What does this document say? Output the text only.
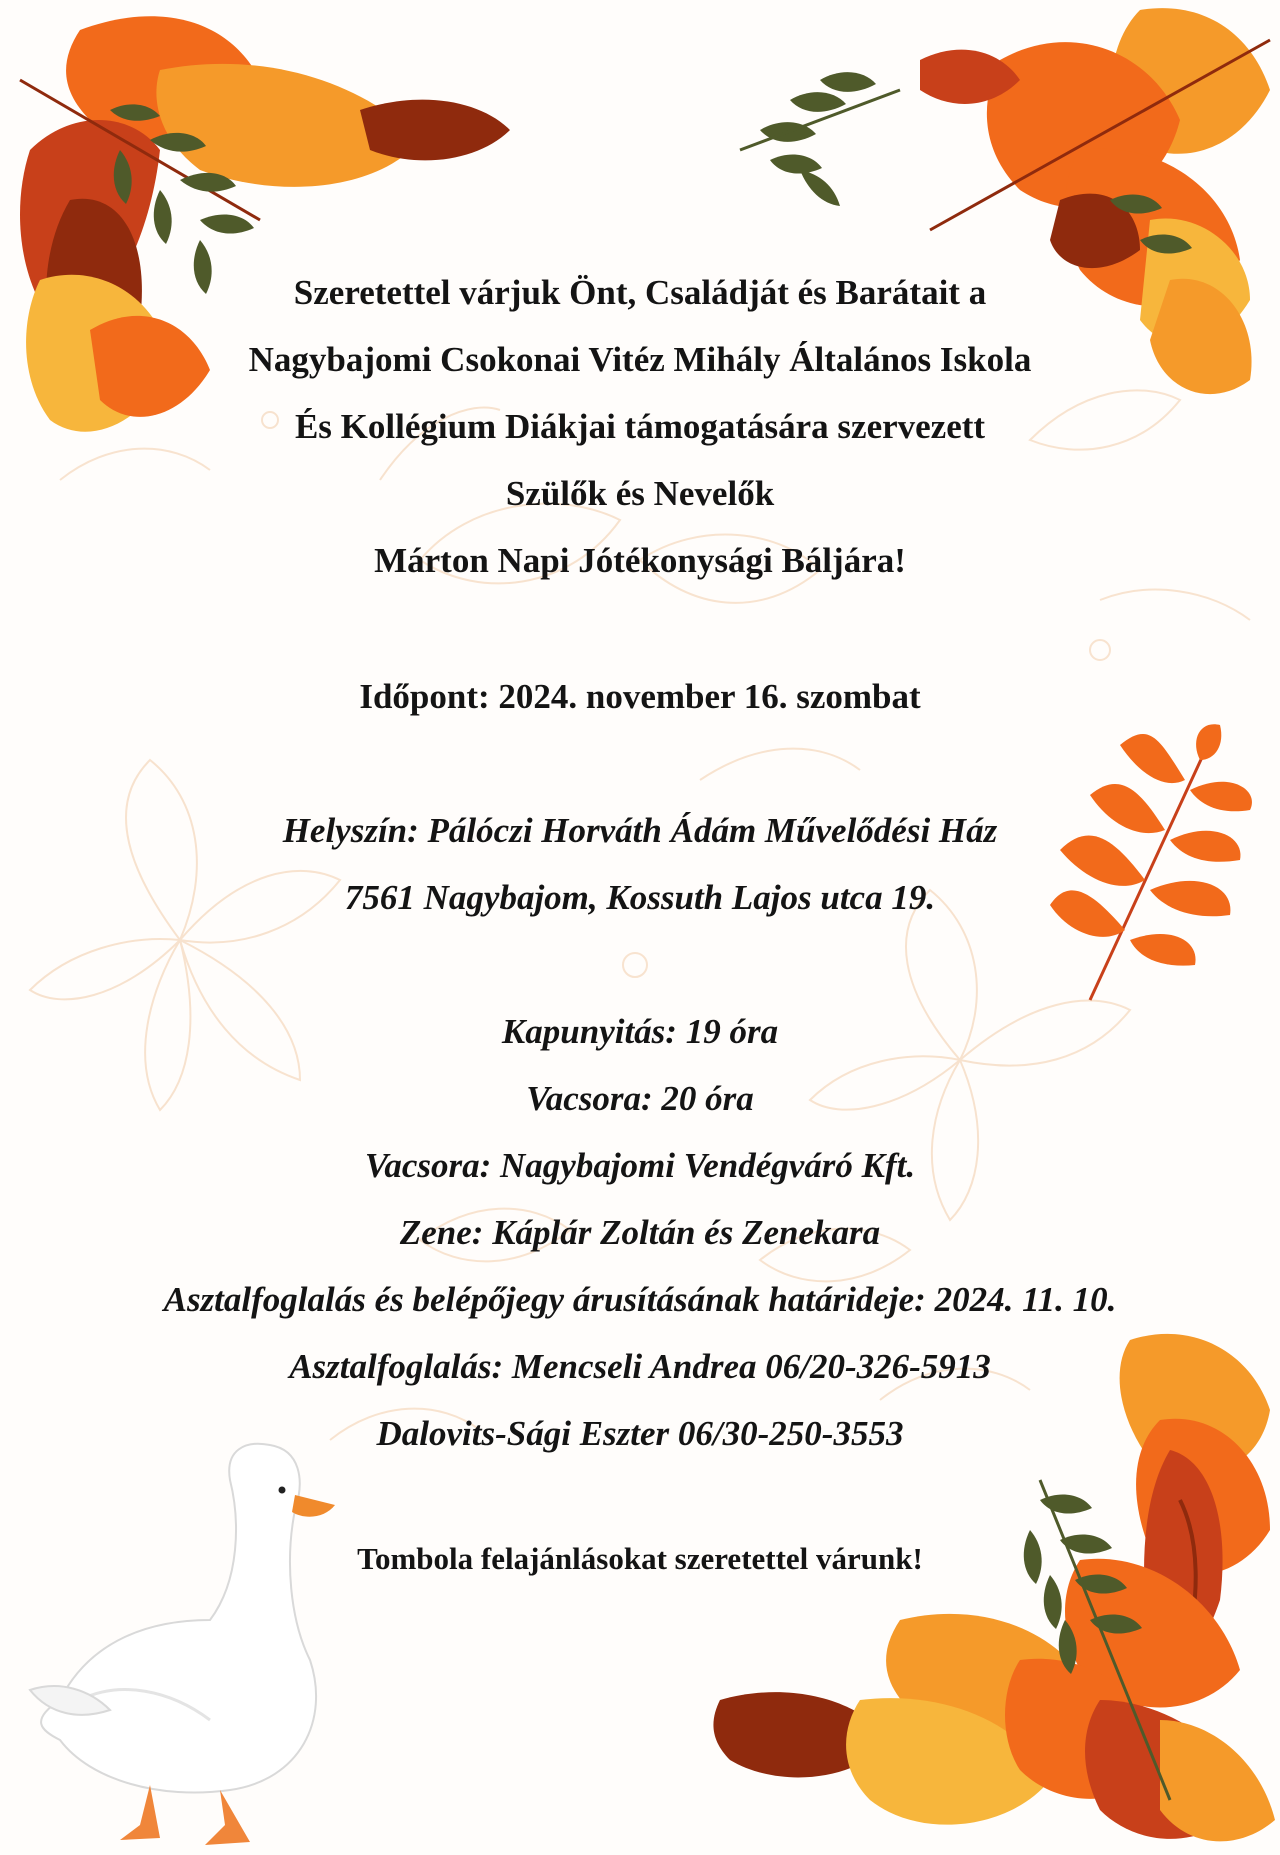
Szeretettel várjuk Önt, Családját és Barátait a

Nagybajomi Csokonai Vitéz Mihály Általános Iskola

És Kollégium Diákjai támogatására szervezett

Szülők és Nevelők

Márton Napi Jótékonysági Báljára!

Időpont: 2024. november 16. szombat

Helyszín: Pálóczi Horváth Ádám Művelődési Ház

7561 Nagybajom, Kossuth Lajos utca 19.

Kapunyitás: 19 óra

Vacsora: 20 óra

Vacsora: Nagybajomi Vendégváró Kft.

Zene: Káplár Zoltán és Zenekara

Asztalfoglalás és belépőjegy árusításának határideje: 2024. 11. 10.

Asztalfoglalás: Mencseli Andrea 06/20-326-5913

Dalovits-Sági Eszter 06/30-250-3553

Tombola felajánlásokat szeretettel várunk!
